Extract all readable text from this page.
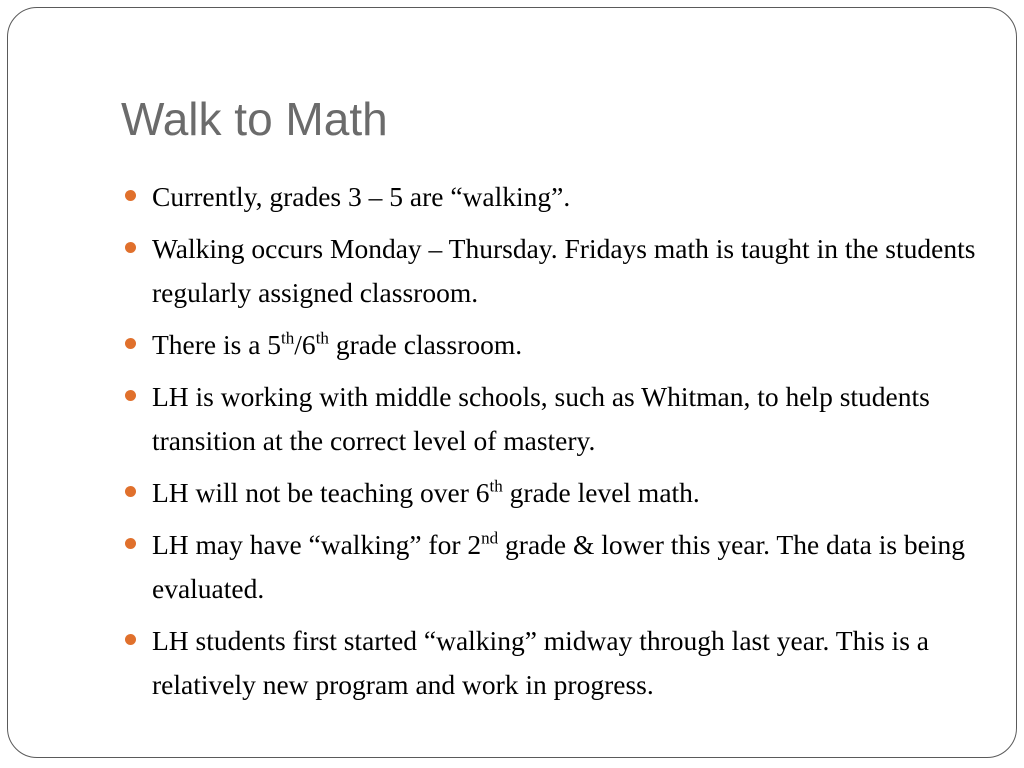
Walk to Math
Currently, grades 3 – 5 are “walking”.
Walking occurs Monday – Thursday. Fridays math is taught in the students regularly assigned classroom.
There is a 5th/6th grade classroom.
LH is working with middle schools, such as Whitman, to help students transition at the correct level of mastery.
LH will not be teaching over 6th grade level math.
LH may have “walking” for 2nd grade & lower this year. The data is being evaluated.
LH students first started “walking” midway through last year. This is a relatively new program and work in progress.
